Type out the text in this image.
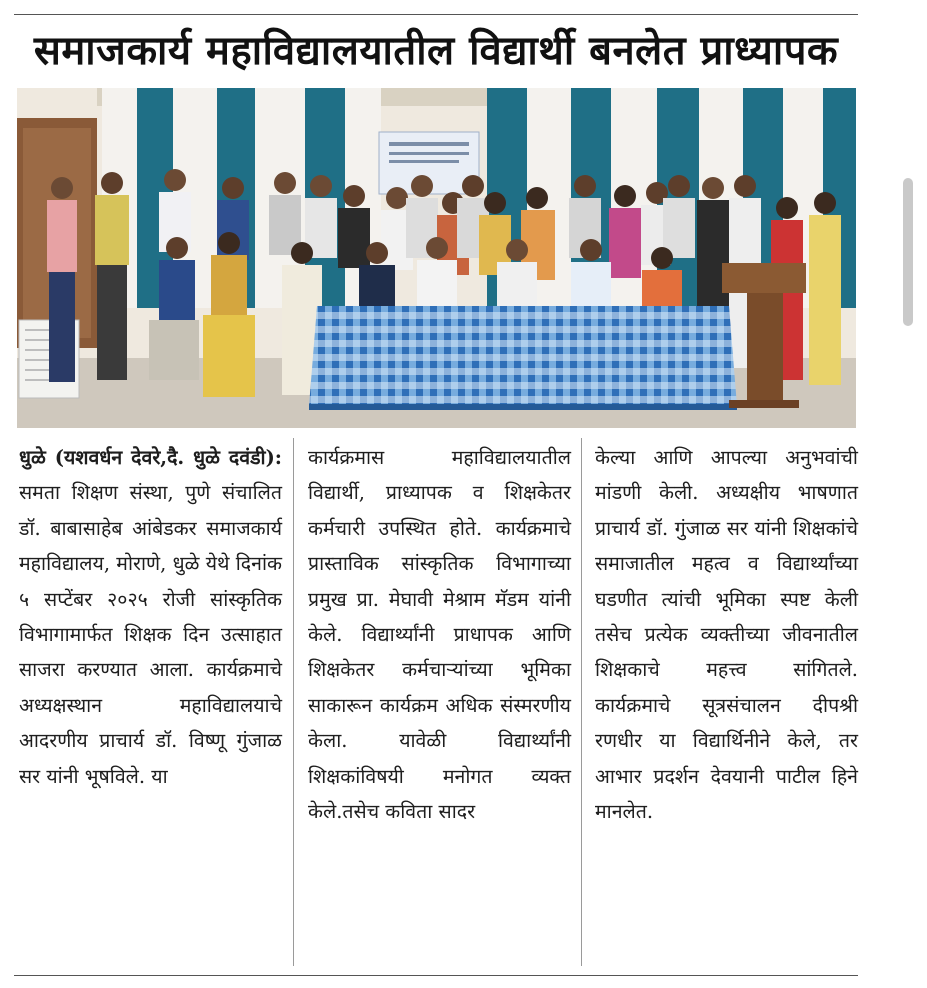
समाजकार्य महाविद्यालयातील विद्यार्थी बनलेत प्राध्यापक
धुळे (यशवर्धन देवरे,दै. धुळे दवंडी): समता शिक्षण संस्था, पुणे संचालित डॉ. बाबासाहेब आंबेडकर समाजकार्य महाविद्यालय, मोराणे, धुळे येथे दिनांक ५ सप्टेंबर २०२५ रोजी सांस्कृतिक विभागामार्फत शिक्षक दिन उत्साहात साजरा करण्यात आला. कार्यक्रमाचे अध्यक्षस्थान महाविद्यालयाचे आदरणीय प्राचार्य डॉ. विष्णू गुंजाळ सर यांनी भूषविले. या
कार्यक्रमास महाविद्यालयातील विद्यार्थी, प्राध्यापक व शिक्षकेतर कर्मचारी उपस्थित होते. कार्यक्रमाचे प्रास्ताविक सांस्कृतिक विभागाच्या प्रमुख प्रा. मेघावी मेश्राम मॅडम यांनी केले. विद्यार्थ्यांनी प्राधापक आणि शिक्षकेतर कर्मचाऱ्यांच्या भूमिका साकारून कार्यक्रम अधिक संस्मरणीय केला. यावेळी विद्यार्थ्यांनी शिक्षकांविषयी मनोगत व्यक्त केले.तसेच कविता सादर
केल्या आणि आपल्या अनुभवांची मांडणी केली. अध्यक्षीय भाषणात प्राचार्य डॉ. गुंजाळ सर यांनी शिक्षकांचे समाजातील महत्व व विद्यार्थ्यांच्या घडणीत त्यांची भूमिका स्पष्ट केली तसेच प्रत्येक व्यक्तीच्या जीवनातील शिक्षकाचे महत्त्व सांगितले. कार्यक्रमाचे सूत्रसंचालन दीपश्री रणधीर या विद्यार्थिनीने केले, तर आभार प्रदर्शन देवयानी पाटील हिने मानलेत.
